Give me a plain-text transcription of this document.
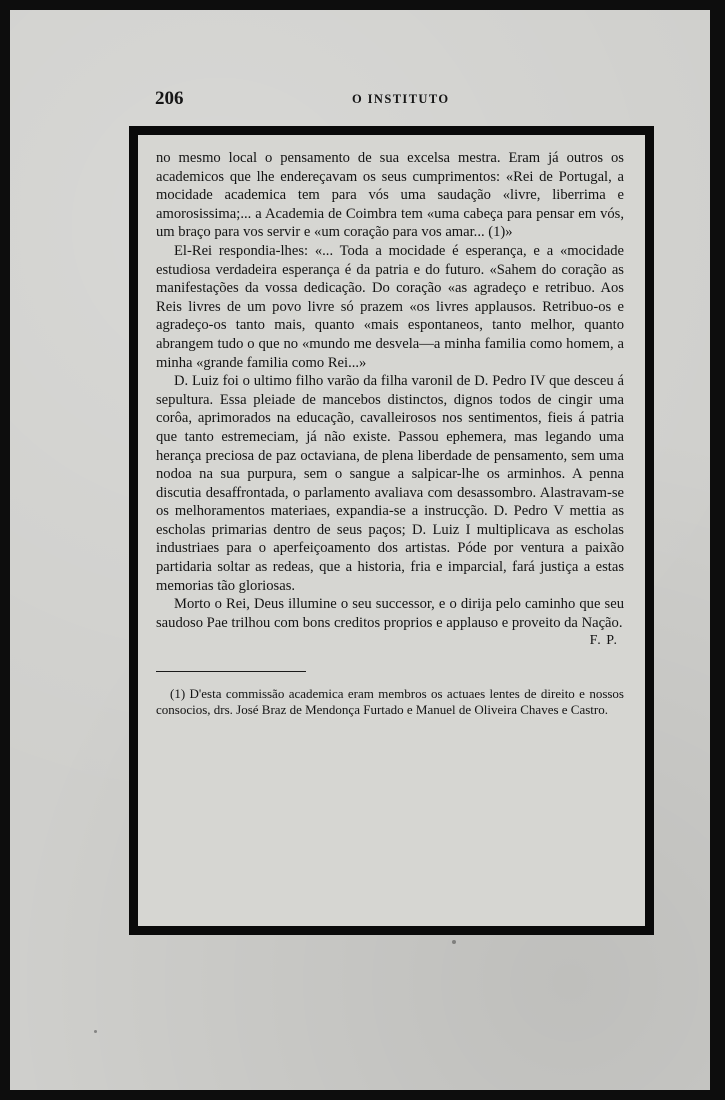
206	O INSTITUTO

no mesmo local o pensamento de sua excelsa mestra. Eram já outros os academicos que lhe endereçavam os seus cumprimentos: «Rei de Portugal, a mocidade academica tem para vós uma saudação «livre, liberrima e amorosissima;... a Academia de Coimbra tem «uma cabeça para pensar em vós, um braço para vos servir e «um coração para vos amar... (1)»

El-Rei respondia-lhes: «... Toda a mocidade é esperança, e a «mocidade estudiosa verdadeira esperança é da patria e do futuro. «Sahem do coração as manifestações da vossa dedicação. Do coração «as agradeço e retribuo. Aos Reis livres de um povo livre só prazem «os livres applausos. Retribuo-os e agradeço-os tanto mais, quanto «mais espontaneos, tanto melhor, quanto abrangem tudo o que no «mundo me desvela—a minha familia como homem, a minha «grande familia como Rei...»

D. Luiz foi o ultimo filho varão da filha varonil de D. Pedro IV que desceu á sepultura. Essa pleiade de mancebos distinctos, dignos todos de cingir uma corôa, aprimorados na educação, cavalleirosos nos sentimentos, fieis á patria que tanto estremeciam, já não existe. Passou ephemera, mas legando uma herança preciosa de paz octaviana, de plena liberdade de pensamento, sem uma nodoa na sua purpura, sem o sangue a salpicar-lhe os arminhos. A penna discutia desaffrontada, o parlamento avaliava com desassombro. Alastravam-se os melhoramentos materiaes, expandia-se a instrucção. D. Pedro V mettia as escholas primarias dentro de seus paços; D. Luiz I multiplicava as escholas industriaes para o aperfeiçoamento dos artistas. Póde por ventura a paixão partidaria soltar as redeas, que a historia, fria e imparcial, fará justiça a estas memorias tão gloriosas.

Morto o Rei, Deus illumine o seu successor, e o dirija pelo caminho que seu saudoso Pae trilhou com bons creditos proprios e applauso e proveito da Nação.

F. P.

(1) D'esta commissão academica eram membros os actuaes lentes de direito e nossos consocios, drs. José Braz de Mendonça Furtado e Manuel de Oliveira Chaves e Castro.
